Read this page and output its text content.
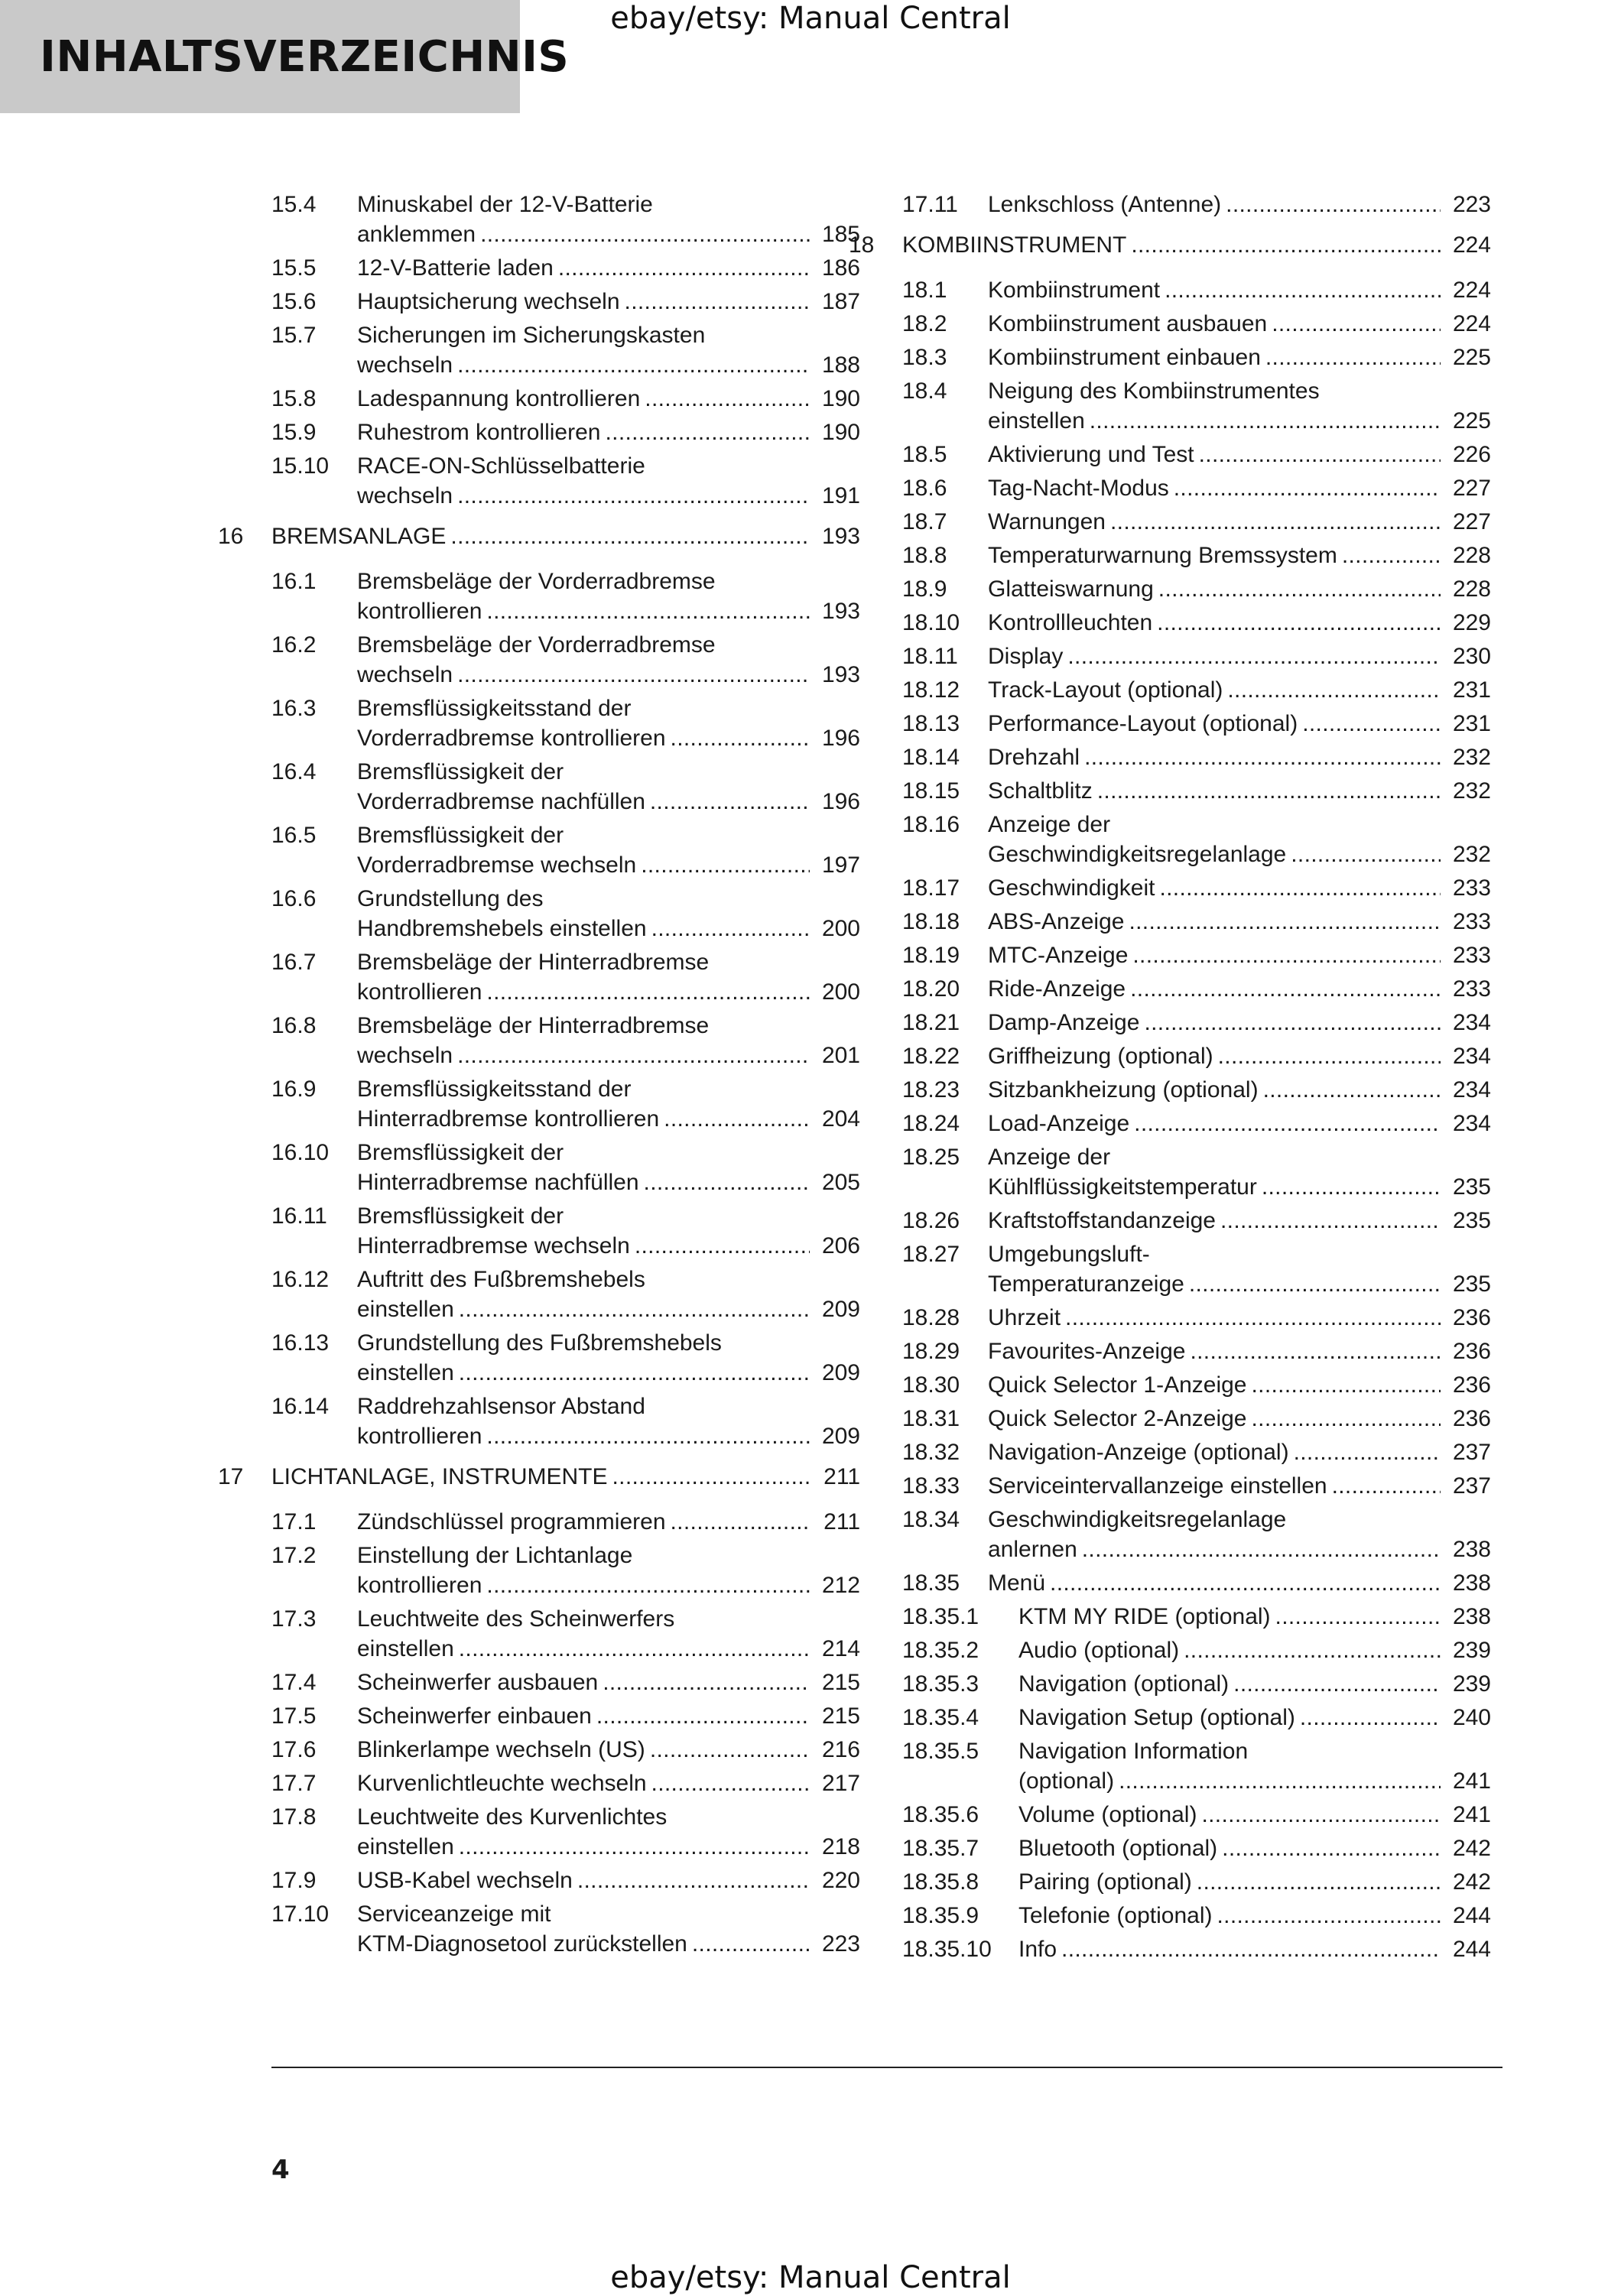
INHALTSVERZEICHNIS
ebay/etsy: Manual Central
15.4 Minuskabel der 12-V-Batterie
anklemmen . . .	185
15.5 12-V-Batterie laden . . .	186
15.6 Hauptsicherung wechseln . . .	187
15.7 Sicherungen im Sicherungskasten
wechseln . . .	188
15.8 Ladespannung kontrollieren . . .	190
15.9 Ruhestrom kontrollieren . . .	190
15.10 RACE-ON-Schlüsselbatterie
wechseln . . .	191
16 BREMSANLAGE . . .	193
16.1 Bremsbeläge der Vorderradbremse
kontrollieren . . .	193
16.2 Bremsbeläge der Vorderradbremse
wechseln . . .	193
16.3 Bremsflüssigkeitsstand der
Vorderradbremse kontrollieren . . .	196
16.4 Bremsflüssigkeit der
Vorderradbremse nachfüllen . . .	196
16.5 Bremsflüssigkeit der
Vorderradbremse wechseln . . .	197
16.6 Grundstellung des
Handbremshebels einstellen . . .	200
16.7 Bremsbeläge der Hinterradbremse
kontrollieren . . .	200
16.8 Bremsbeläge der Hinterradbremse
wechseln . . .	201
16.9 Bremsflüssigkeitsstand der
Hinterradbremse kontrollieren . . .	204
16.10 Bremsflüssigkeit der
Hinterradbremse nachfüllen . . .	205
16.11 Bremsflüssigkeit der
Hinterradbremse wechseln . . .	206
16.12 Auftritt des Fußbremshebels
einstellen . . .	209
16.13 Grundstellung des Fußbremshebels
einstellen . . .	209
16.14 Raddrehzahlsensor Abstand
kontrollieren . . .	209
17 LICHTANLAGE, INSTRUMENTE . . .	211
17.1 Zündschlüssel programmieren . . .	211
17.2 Einstellung der Lichtanlage
kontrollieren . . .	212
17.3 Leuchtweite des Scheinwerfers
einstellen . . .	214
17.4 Scheinwerfer ausbauen . . .	215
17.5 Scheinwerfer einbauen . . .	215
17.6 Blinkerlampe wechseln (US) . . .	216
17.7 Kurvenlichtleuchte wechseln . . .	217
17.8 Leuchtweite des Kurvenlichtes
einstellen . . .	218
17.9 USB-Kabel wechseln . . .	220
17.10 Serviceanzeige mit
KTM-Diagnosetool zurückstellen . . .	223
17.11 Lenkschloss (Antenne) . . .	223
18 KOMBIINSTRUMENT . . .	224
18.1 Kombiinstrument . . .	224
18.2 Kombiinstrument ausbauen . . .	224
18.3 Kombiinstrument einbauen . . .	225
18.4 Neigung des Kombiinstrumentes
einstellen . . .	225
18.5 Aktivierung und Test . . .	226
18.6 Tag-Nacht-Modus . . .	227
18.7 Warnungen . . .	227
18.8 Temperaturwarnung Bremssystem . . .	228
18.9 Glatteiswarnung . . .	228
18.10 Kontrollleuchten . . .	229
18.11 Display . . .	230
18.12 Track-Layout (optional) . . .	231
18.13 Performance-Layout (optional) . . .	231
18.14 Drehzahl . . .	232
18.15 Schaltblitz . . .	232
18.16 Anzeige der
Geschwindigkeitsregelanlage . . .	232
18.17 Geschwindigkeit . . .	233
18.18 ABS-Anzeige . . .	233
18.19 MTC-Anzeige . . .	233
18.20 Ride-Anzeige . . .	233
18.21 Damp-Anzeige . . .	234
18.22 Griffheizung (optional) . . .	234
18.23 Sitzbankheizung (optional) . . .	234
18.24 Load-Anzeige . . .	234
18.25 Anzeige der
Kühlflüssigkeitstemperatur . . .	235
18.26 Kraftstoffstandanzeige . . .	235
18.27 Umgebungsluft-
Temperaturanzeige . . .	235
18.28 Uhrzeit . . .	236
18.29 Favourites-Anzeige . . .	236
18.30 Quick Selector 1-Anzeige . . .	236
18.31 Quick Selector 2-Anzeige . . .	236
18.32 Navigation-Anzeige (optional) . . .	237
18.33 Serviceintervallanzeige einstellen . . .	237
18.34 Geschwindigkeitsregelanlage
anlernen . . .	238
18.35 Menü . . .	238
18.35.1 KTM MY RIDE (optional) . . .	238
18.35.2 Audio (optional) . . .	239
18.35.3 Navigation (optional) . . .	239
18.35.4 Navigation Setup (optional) . . .	240
18.35.5 Navigation Information
(optional) . . .	241
18.35.6 Volume (optional) . . .	241
18.35.7 Bluetooth (optional) . . .	242
18.35.8 Pairing (optional) . . .	242
18.35.9 Telefonie (optional) . . .	244
18.35.10 Info . . .	244
4
ebay/etsy: Manual Central
